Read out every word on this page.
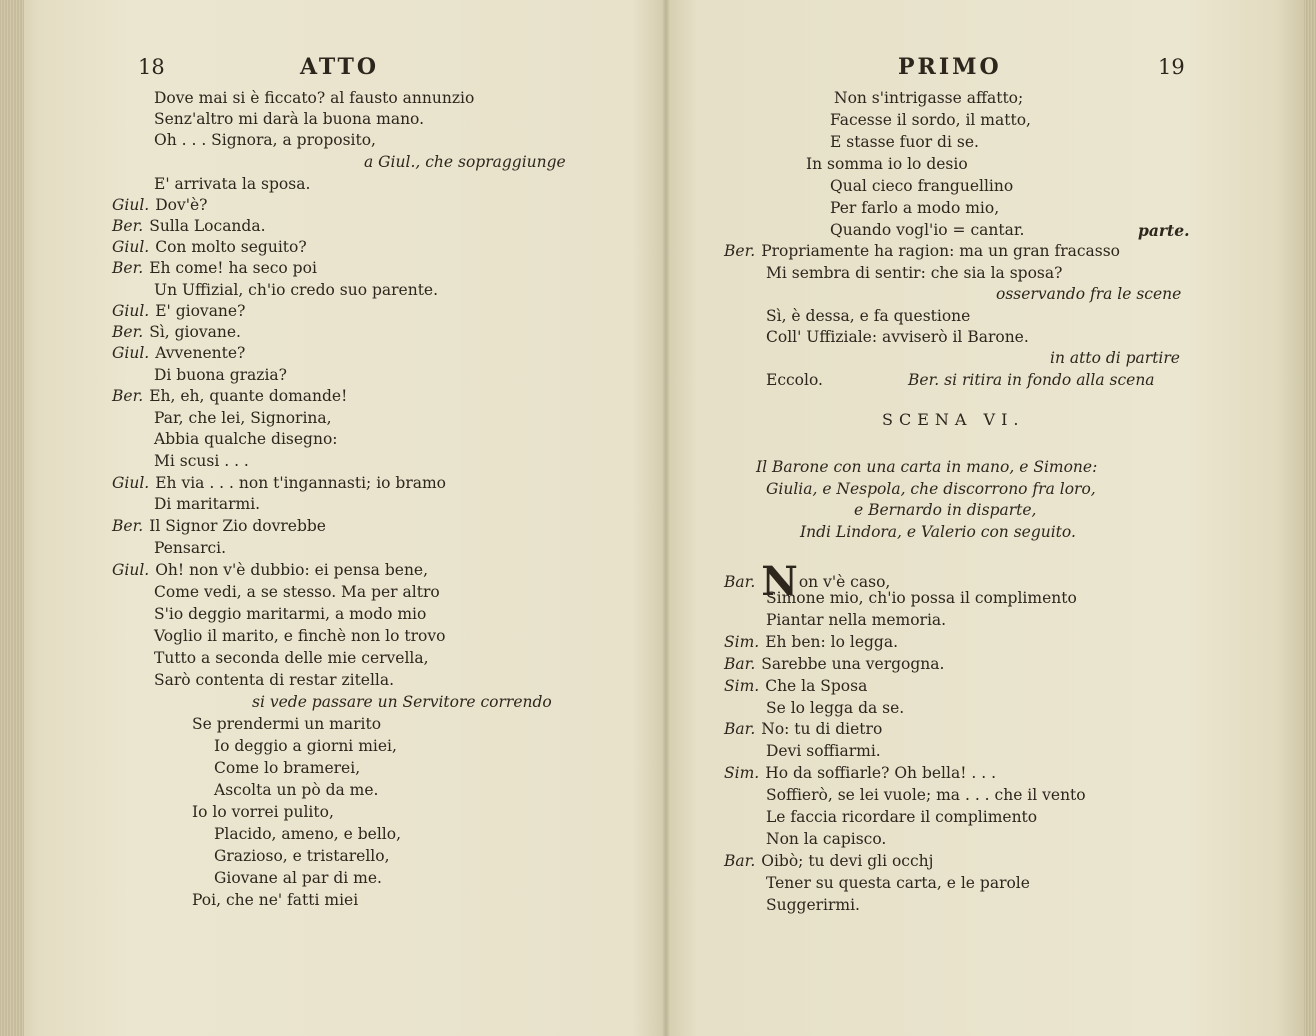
18	ATTO
Dove mai si è ficcato? al fausto annunzio
Senz'altro mi darà la buona mano.
Oh . . . Signora, a proposito,
a Giul., che sopraggiunge
E' arrivata la sposa.
Giul. Dov'è?
Ber. Sulla Locanda.
Giul. Con molto seguito?
Ber. Eh come! ha seco poi
Un Uffizial, ch'io credo suo parente.
Giul. E' giovane?
Ber. Sì, giovane.
Giul. Avvenente?
Di buona grazia?
Ber. Eh, eh, quante domande!
Par, che lei, Signorina,
Abbia qualche disegno:
Mi scusi . . .
Giul. Eh via . . . non t'ingannasti; io bramo
Di maritarmi.
Ber. Il Signor Zio dovrebbe
Pensarci.
Giul. Oh! non v'è dubbio: ei pensa bene,
Come vedi, a se stesso. Ma per altro
S'io deggio maritarmi, a modo mio
Voglio il marito, e finchè non lo trovo
Tutto a seconda delle mie cervella,
Sarò contenta di restar zitella.
si vede passare un Servitore correndo
Se prendermi un marito
Io deggio a giorni miei,
Come lo bramerei,
Ascolta un pò da me.
Io lo vorrei pulito,
Placido, ameno, e bello,
Grazioso, e tristarello,
Giovane al par di me.
Poi, che ne' fatti miei
PRIMO	19
Non s'intrigasse affatto;
Facesse il sordo, il matto,
E stasse fuor di se.
In somma io lo desio
Qual cieco franguellino
Per farlo a modo mio,
Quando vogl'io = cantar.	parte.
Ber. Propriamente ha ragion: ma un gran fracasso
Mi sembra di sentir: che sia la sposa?
osservando fra le scene
Sì, è dessa, e fa questione
Coll' Uffiziale: avviserò il Barone.
in atto di partire
Eccolo.	Ber. si ritira in fondo alla scena
SCENA VI.
Il Barone con una carta in mano, e Simone:
Giulia, e Nespola, che discorrono fra loro,
e Bernardo in disparte,
Indi Lindora, e Valerio con seguito.
Bar. Non v'è caso,
Simone mio, ch'io possa il complimento
Piantar nella memoria.
Sim. Eh ben: lo legga.
Bar. Sarebbe una vergogna.
Sim. Che la Sposa
Se lo legga da se.
Bar. No: tu di dietro
Devi soffiarmi.
Sim. Ho da soffiarle? Oh bella! . . .
Soffierò, se lei vuole; ma . . . che il vento
Le faccia ricordare il complimento
Non la capisco.
Bar. Oibò; tu devi gli occhj
Tener su questa carta, e le parole
Suggerirmi.
